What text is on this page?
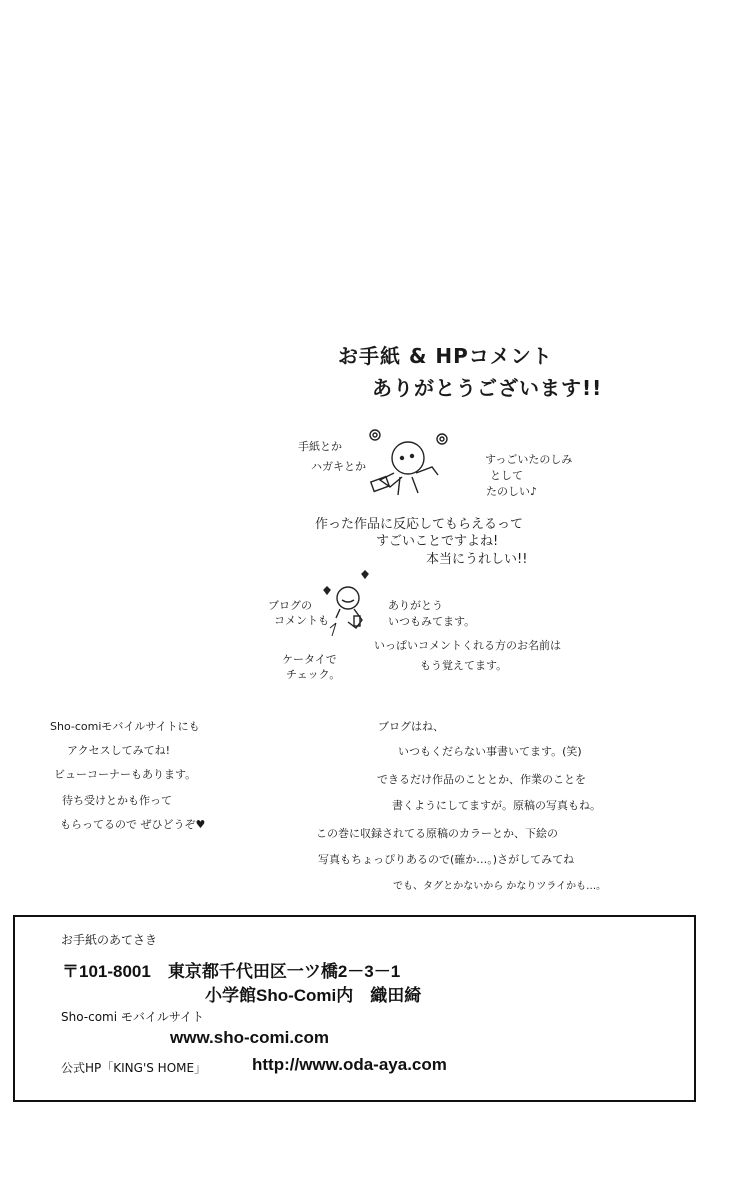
お手紙 & HPコメント
ありがとうございます!!
手紙とか
ハガキとか
すっごいたのしみ
として
たのしい♪
作った作品に反応してもらえるって
すごいことですよね!
本当にうれしい!!
ブログの
コメントも
ケータイで
チェック。
ありがとう
いつもみてます。
いっぱいコメントくれる方のお名前は
もう覚えてます。
Sho-comiモバイルサイトにも
アクセスしてみてね!
ビューコーナーもあります。
待ち受けとかも作って
もらってるので ぜひどうぞ♥
ブログはね、
いつもくだらない事書いてます。(笑)
できるだけ作品のこととか、作業のことを
書くようにしてますが。原稿の写真もね。
この巻に収録されてる原稿のカラーとか、下絵の
写真もちょっぴりあるので(確か…。)さがしてみてね
でも、タグとかないから かなりツライかも…。
お手紙のあてさき
〒101-8001　東京都千代田区一ツ橋2－3－1
小学館Sho-Comi内　織田綺
Sho-comi モバイルサイト
www.sho-comi.com
公式HP「KING'S HOME」	http://www.oda-aya.com
